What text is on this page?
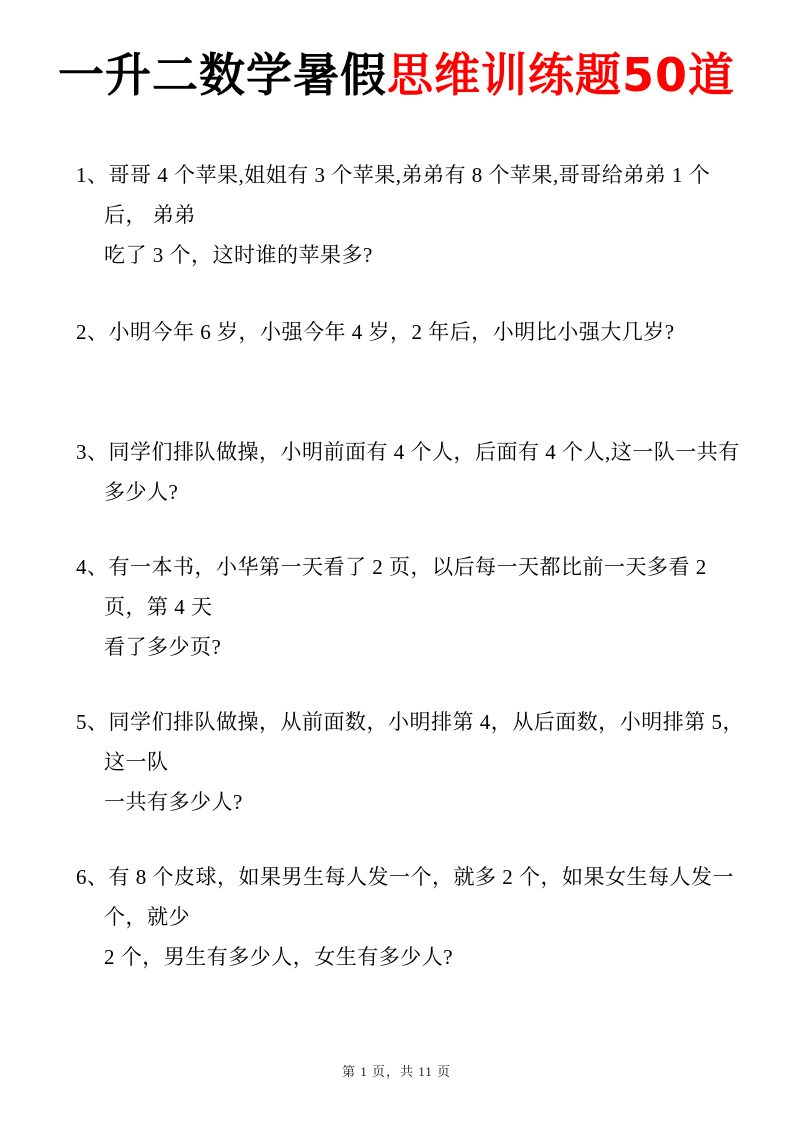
一升二数学暑假思维训练题50道
1、哥哥 4 个苹果,姐姐有 3 个苹果,弟弟有 8 个苹果,哥哥给弟弟 1 个后， 弟弟
吃了 3 个，这时谁的苹果多?
2、小明今年 6 岁，小强今年 4 岁，2 年后，小明比小强大几岁?
3、同学们排队做操，小明前面有 4 个人，后面有 4 个人,这一队一共有多少人?
4、有一本书，小华第一天看了 2 页，以后每一天都比前一天多看 2 页，第 4 天
看了多少页?
5、同学们排队做操，从前面数，小明排第 4，从后面数，小明排第 5，这一队
一共有多少人?
6、有 8 个皮球，如果男生每人发一个，就多 2 个，如果女生每人发一个，就少
2 个，男生有多少人，女生有多少人?
第 1 页，共 11 页
